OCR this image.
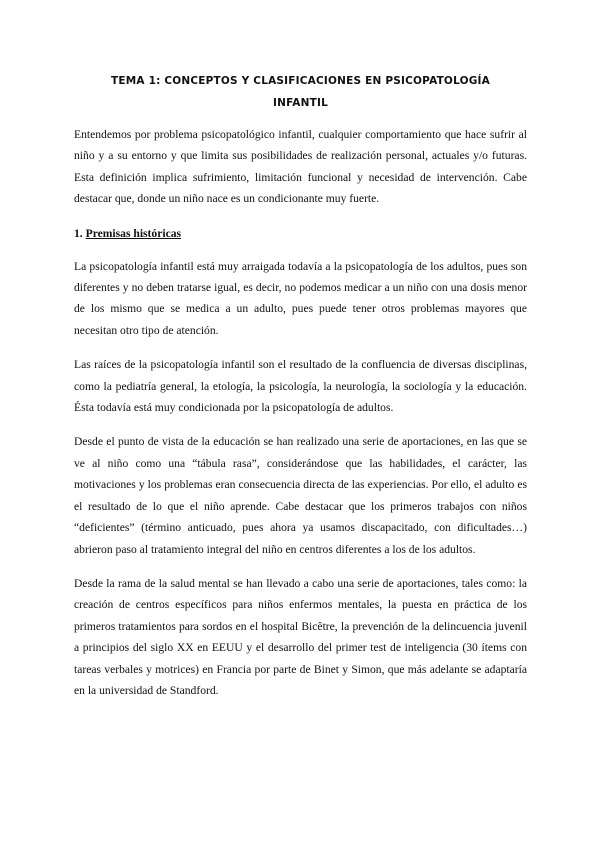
TEMA 1: CONCEPTOS Y CLASIFICACIONES EN PSICOPATOLOGÍA
INFANTIL

Entendemos por problema psicopatológico infantil, cualquier comportamiento que hace sufrir al niño y a su entorno y que limita sus posibilidades de realización personal, actuales y/o futuras. Esta definición implica sufrimiento, limitación funcional y necesidad de intervención. Cabe destacar que, donde un niño nace es un condicionante muy fuerte.

1. Premisas históricas

La psicopatología infantil está muy arraigada todavía a la psicopatología de los adultos, pues son diferentes y no deben tratarse igual, es decir, no podemos medicar a un niño con una dosis menor de los mismo que se medica a un adulto, pues puede tener otros problemas mayores que necesitan otro tipo de atención.

Las raíces de la psicopatología infantil son el resultado de la confluencia de diversas disciplinas, como la pediatría general, la etología, la psicología, la neurología, la sociología y la educación. Ésta todavía está muy condicionada por la psicopatología de adultos.

Desde el punto de vista de la educación se han realizado una serie de aportaciones, en las que se ve al niño como una “tábula rasa”, considerándose que las habilidades, el carácter, las motivaciones y los problemas eran consecuencia directa de las experiencias. Por ello, el adulto es el resultado de lo que el niño aprende. Cabe destacar que los primeros trabajos con niños “deficientes” (término anticuado, pues ahora ya usamos discapacitado, con dificultades…) abrieron paso al tratamiento integral del niño en centros diferentes a los de los adultos.

Desde la rama de la salud mental se han llevado a cabo una serie de aportaciones, tales como: la creación de centros específicos para niños enfermos mentales, la puesta en práctica de los primeros tratamientos para sordos en el hospital Bicêtre, la prevención de la delincuencia juvenil a principios del siglo XX en EEUU y el desarrollo del primer test de inteligencia (30 ítems con tareas verbales y motrices) en Francia por parte de Binet y Simon, que más adelante se adaptaría en la universidad de Standford.
